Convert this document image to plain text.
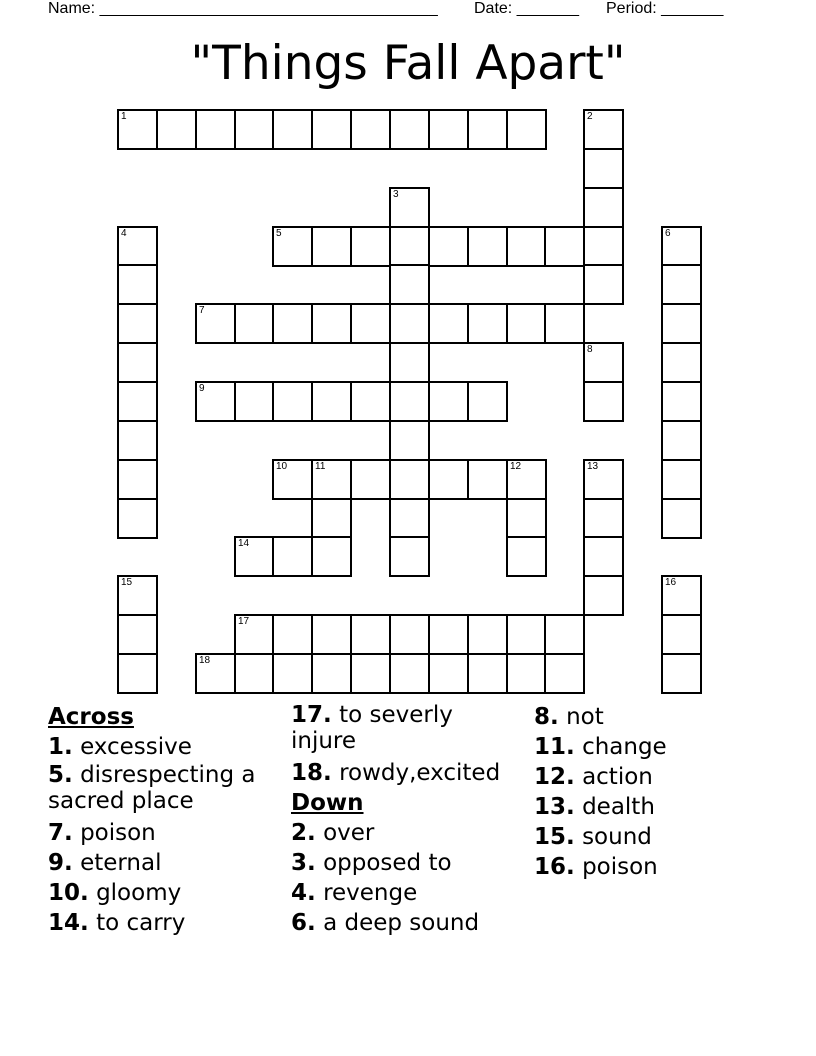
Name: ______________________________________ Date: _______ Period: _______
"Things Fall Apart"
1	2
3
4	5	6
7
8
9
10	11	12	13
14
15	16
17
18
Across
1. excessive
5. disrespecting a sacred place
7. poison
9. eternal
10. gloomy
14. to carry
17. to severly injure
18. rowdy,excited
Down
2. over
3. opposed to
4. revenge
6. a deep sound
8. not
11. change
12. action
13. dealth
15. sound
16. poison
